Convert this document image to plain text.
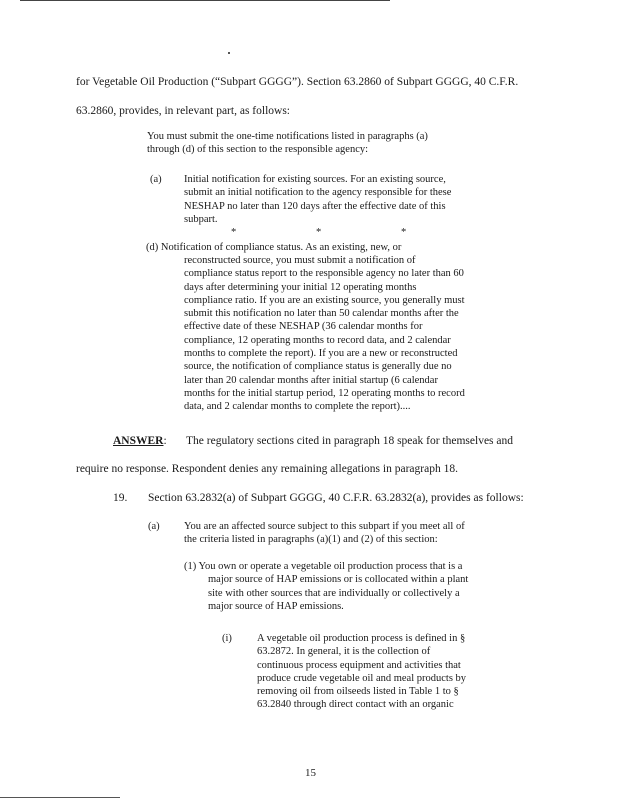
for Vegetable Oil Production (“Subpart GGGG”). Section 63.2860 of Subpart GGGG, 40 C.F.R.
63.2860, provides, in relevant part, as follows:
You must submit the one-time notifications listed in paragraphs (a)
through (d) of this section to the responsible agency:
(a) Initial notification for existing sources. For an existing source,
submit an initial notification to the agency responsible for these
NESHAP no later than 120 days after the effective date of this
subpart.
*	*	*
(d) Notification of compliance status. As an existing, new, or
reconstructed source, you must submit a notification of
compliance status report to the responsible agency no later than 60
days after determining your initial 12 operating months
compliance ratio. If you are an existing source, you generally must
submit this notification no later than 50 calendar months after the
effective date of these NESHAP (36 calendar months for
compliance, 12 operating months to record data, and 2 calendar
months to complete the report). If you are a new or reconstructed
source, the notification of compliance status is generally due no
later than 20 calendar months after initial startup (6 calendar
months for the initial startup period, 12 operating months to record
data, and 2 calendar months to complete the report)....
ANSWER: The regulatory sections cited in paragraph 18 speak for themselves and
require no response. Respondent denies any remaining allegations in paragraph 18.
19. Section 63.2832(a) of Subpart GGGG, 40 C.F.R. 63.2832(a), provides as follows:
(a) You are an affected source subject to this subpart if you meet all of
the criteria listed in paragraphs (a)(1) and (2) of this section:
(1) You own or operate a vegetable oil production process that is a
major source of HAP emissions or is collocated within a plant
site with other sources that are individually or collectively a
major source of HAP emissions.
(i) A vegetable oil production process is defined in §
63.2872. In general, it is the collection of
continuous process equipment and activities that
produce crude vegetable oil and meal products by
removing oil from oilseeds listed in Table 1 to §
63.2840 through direct contact with an organic
15
